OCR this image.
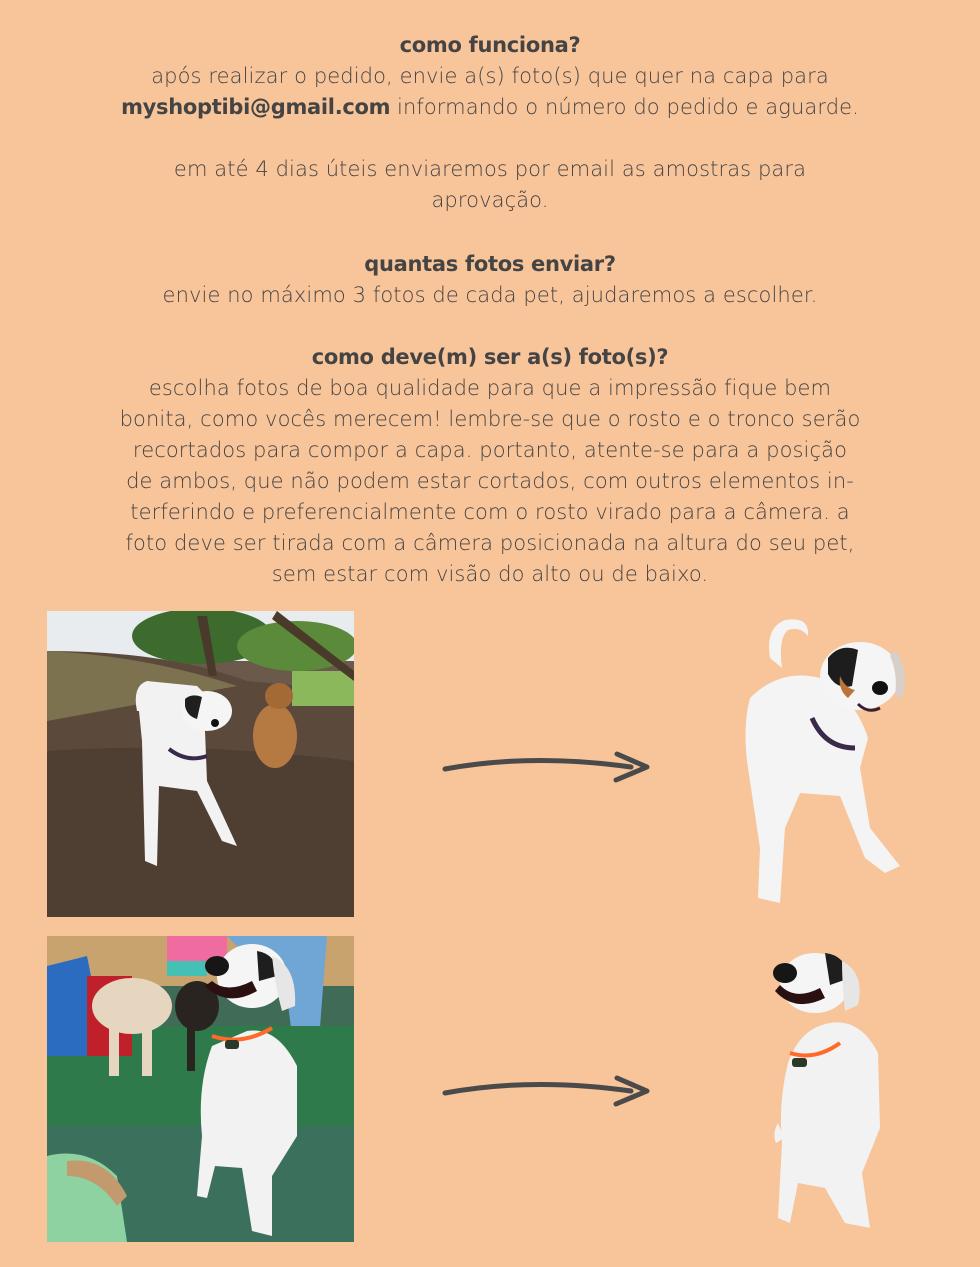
como funciona?
após realizar o pedido, envie a(s) foto(s) que quer na capa para
myshoptibi@gmail.com informando o número do pedido e aguarde.
em até 4 dias úteis enviaremos por email as amostras para
aprovação.
quantas fotos enviar?
envie no máximo 3 fotos de cada pet, ajudaremos a escolher.
como deve(m) ser a(s) foto(s)?
escolha fotos de boa qualidade para que a impressão fique bem
bonita, como vocês merecem! lembre-se que o rosto e o tronco serão
recortados para compor a capa. portanto, atente-se para a posição
de ambos, que não podem estar cortados, com outros elementos in-
terferindo e preferencialmente com o rosto virado para a câmera. a
foto deve ser tirada com a câmera posicionada na altura do seu pet,
sem estar com visão do alto ou de baixo.
